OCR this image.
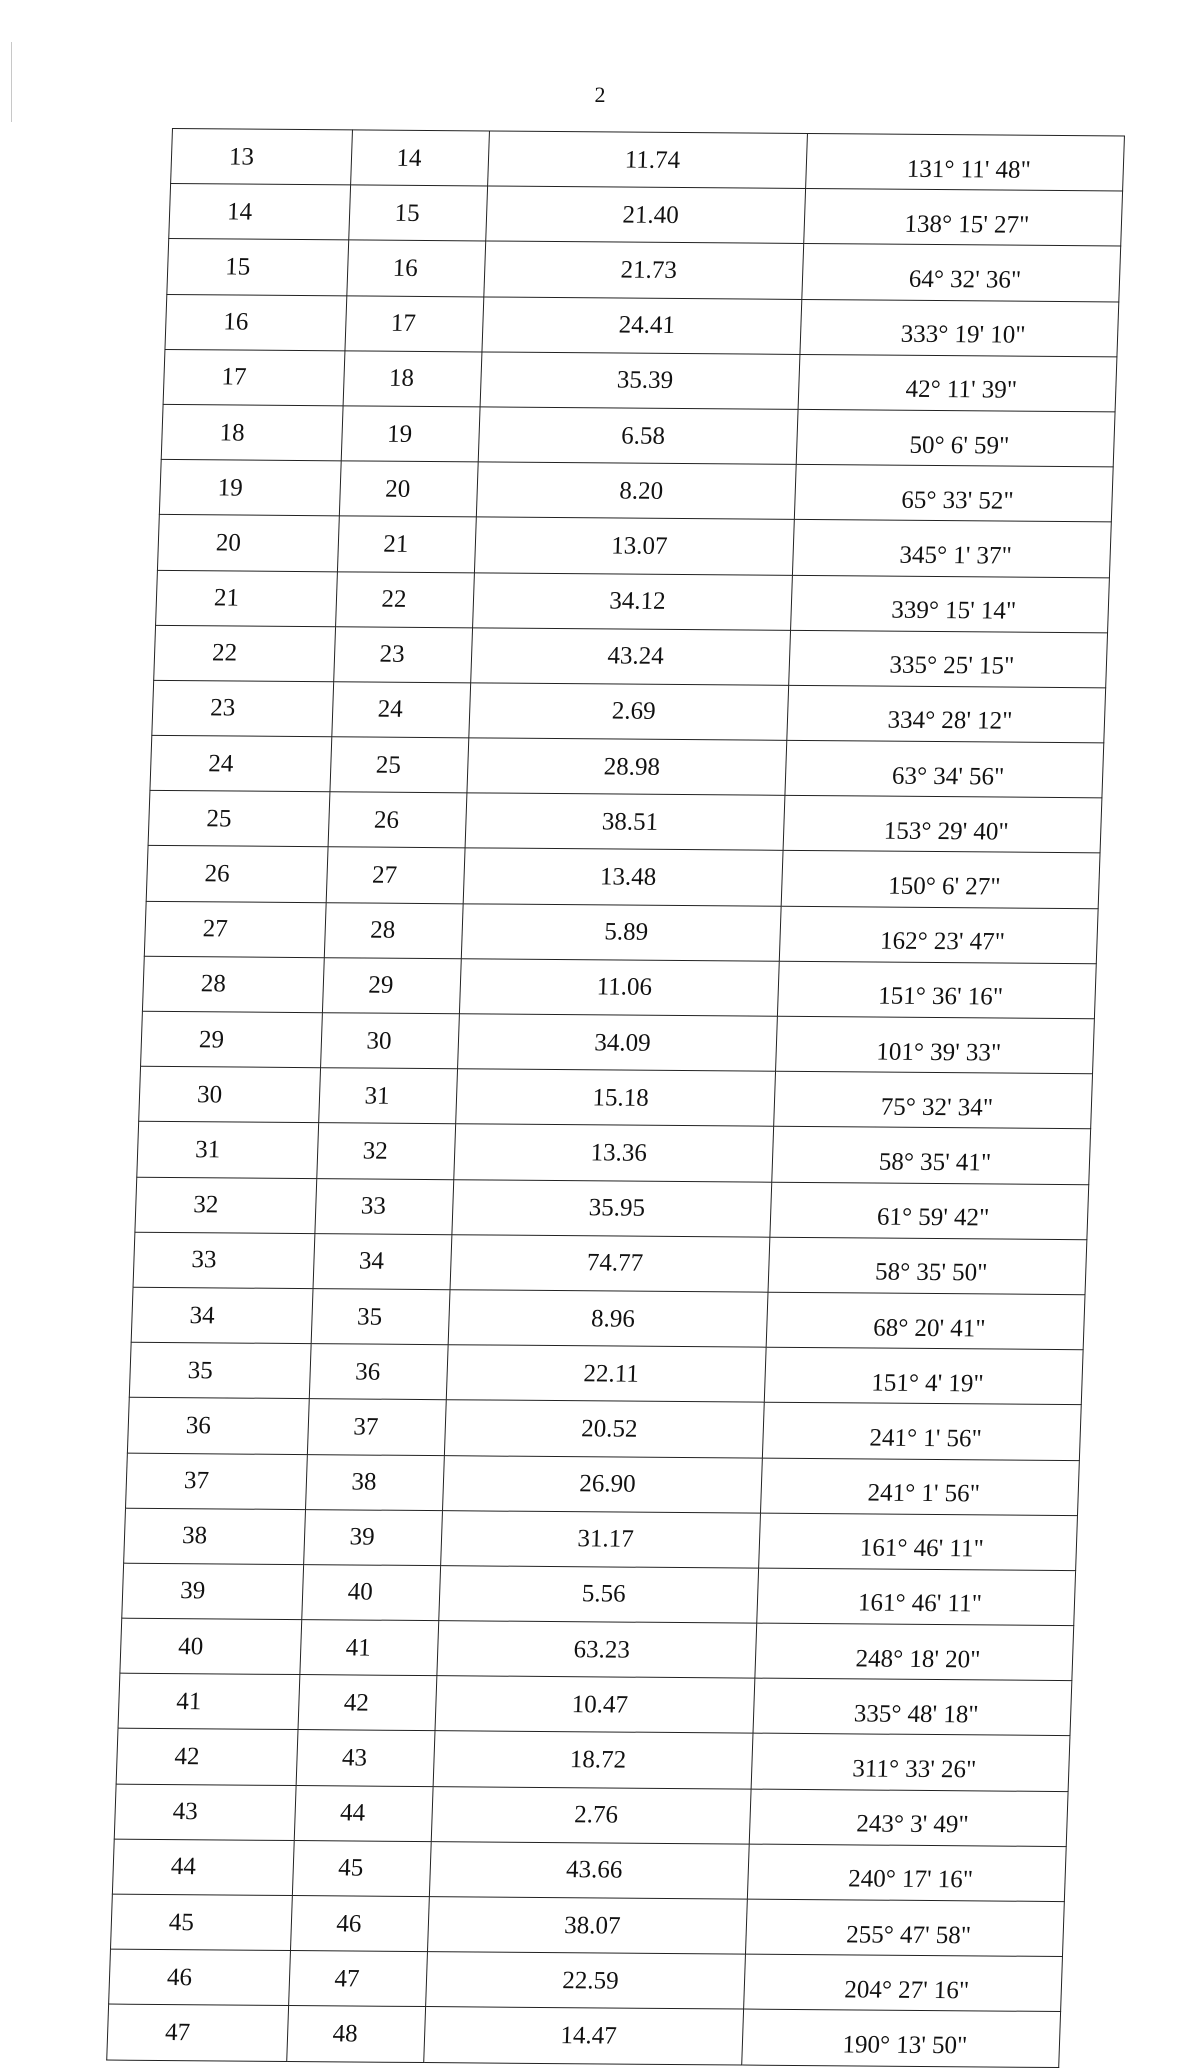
2
13	14	11.74	131° 11' 48"
14	15	21.40	138° 15' 27"
15	16	21.73	64° 32' 36"
16	17	24.41	333° 19' 10"
17	18	35.39	42° 11' 39"
18	19	6.58	50° 6' 59"
19	20	8.20	65° 33' 52"
20	21	13.07	345° 1' 37"
21	22	34.12	339° 15' 14"
22	23	43.24	335° 25' 15"
23	24	2.69	334° 28' 12"
24	25	28.98	63° 34' 56"
25	26	38.51	153° 29' 40"
26	27	13.48	150° 6' 27"
27	28	5.89	162° 23' 47"
28	29	11.06	151° 36' 16"
29	30	34.09	101° 39' 33"
30	31	15.18	75° 32' 34"
31	32	13.36	58° 35' 41"
32	33	35.95	61° 59' 42"
33	34	74.77	58° 35' 50"
34	35	8.96	68° 20' 41"
35	36	22.11	151° 4' 19"
36	37	20.52	241° 1' 56"
37	38	26.90	241° 1' 56"
38	39	31.17	161° 46' 11"
39	40	5.56	161° 46' 11"
40	41	63.23	248° 18' 20"
41	42	10.47	335° 48' 18"
42	43	18.72	311° 33' 26"
43	44	2.76	243° 3' 49"
44	45	43.66	240° 17' 16"
45	46	38.07	255° 47' 58"
46	47	22.59	204° 27' 16"
47	48	14.47	190° 13' 50"
